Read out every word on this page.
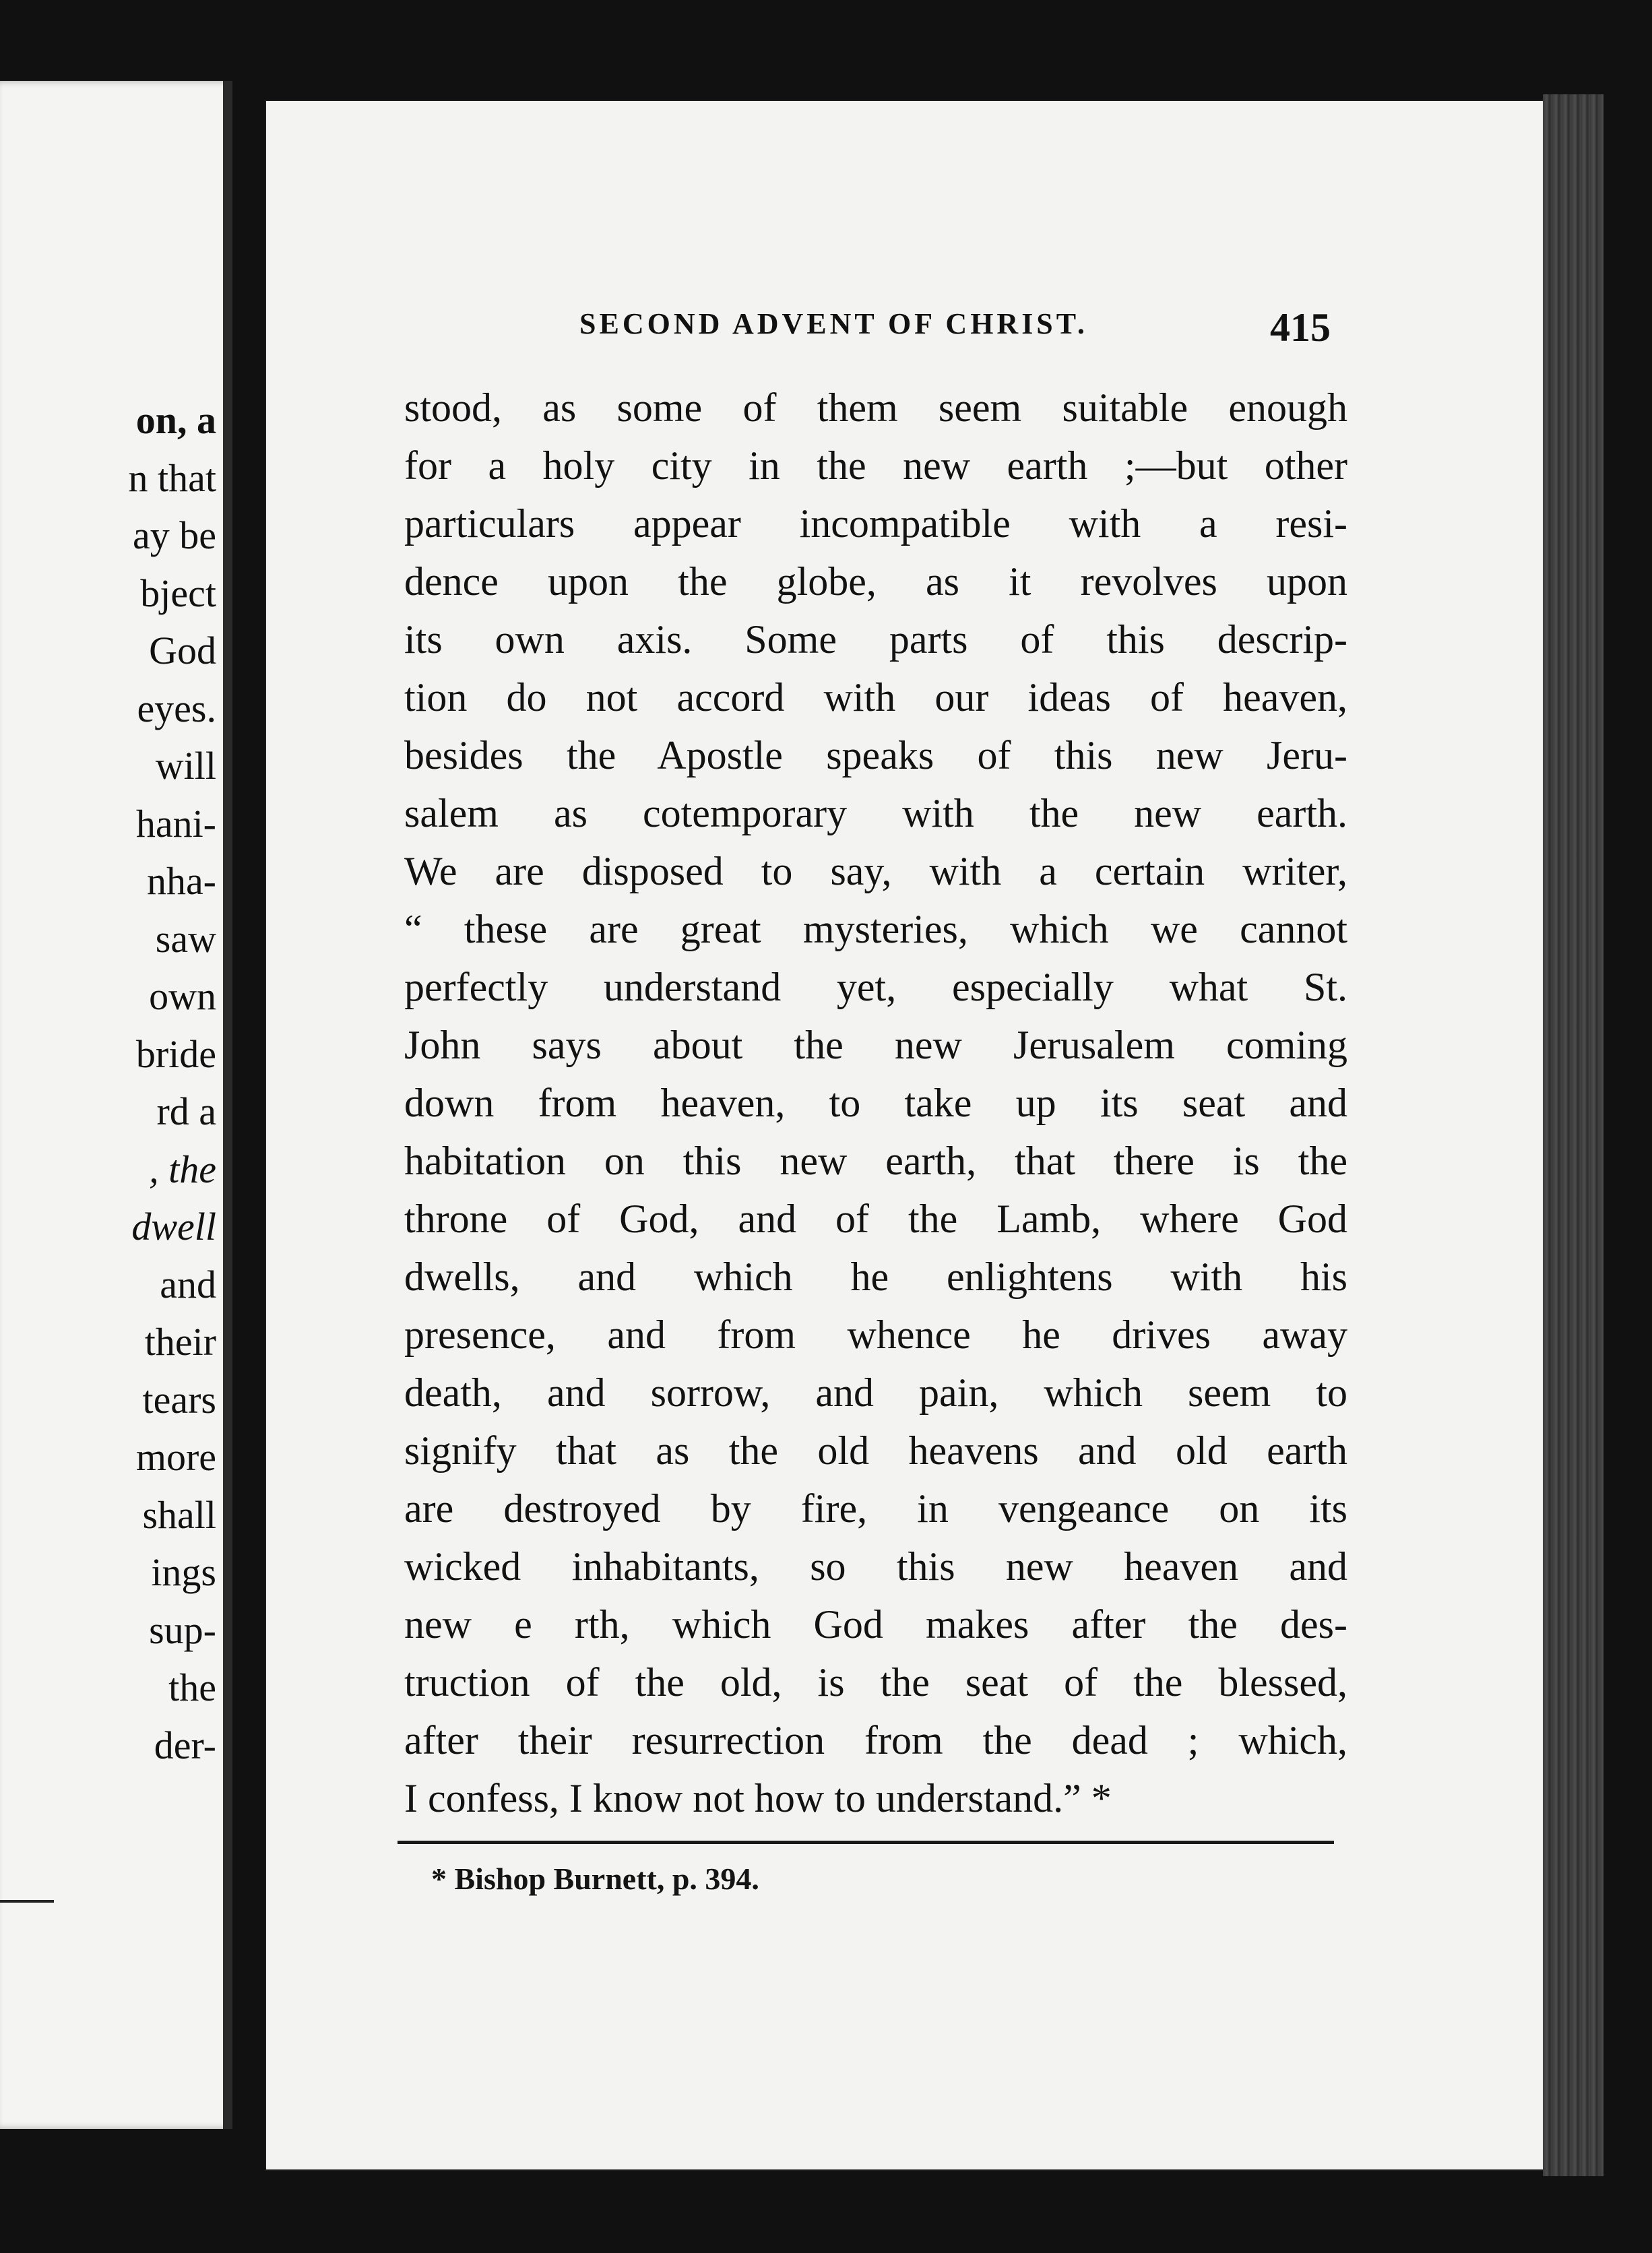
on, a
n that
ay be
bject
God
eyes.
will
hani-
nha-
saw
own
bride
rd a
, the
dwell
and
their
tears
more
shall
ings
sup-
the
der-
SECOND ADVENT OF CHRIST.	415
stood, as some of them seem suitable enough
for a holy city in the new earth ;—but other
particulars appear incompatible with a resi-
dence upon the globe, as it revolves upon
its own axis. Some parts of this descrip-
tion do not accord with our ideas of heaven,
besides the Apostle speaks of this new Jeru-
salem as cotemporary with the new earth.
We are disposed to say, with a certain writer,
“ these are great mysteries, which we cannot
perfectly understand yet, especially what St.
John says about the new Jerusalem coming
down from heaven, to take up its seat and
habitation on this new earth, that there is the
throne of God, and of the Lamb, where God
dwells, and which he enlightens with his
presence, and from whence he drives away
death, and sorrow, and pain, which seem to
signify that as the old heavens and old earth
are destroyed by fire, in vengeance on its
wicked inhabitants, so this new heaven and
new e rth, which God makes after the des-
truction of the old, is the seat of the blessed,
after their resurrection from the dead ; which,
I confess, I know not how to understand.” *
* Bishop Burnett, p. 394.
